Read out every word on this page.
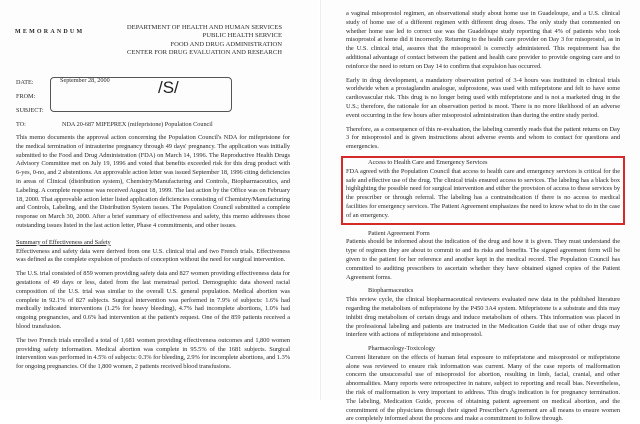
MEMORANDUM
DEPARTMENT OF HEALTH AND HUMAN SERVICES
PUBLIC HEALTH SERVICE
FOOD AND DRUG ADMINISTRATION
CENTER FOR DRUG EVALUATION AND RESEARCH
DATE:	September 28, 2000	/S/
FROM:
SUBJECT:
TO:	NDA 20-687 MIFEPREX (mifepristone) Population Council
This memo documents the approval action concerning the Population Council's NDA for mifepristone for the medical termination of intrauterine pregnancy through 49 days' pregnancy. The application was initially submitted to the Food and Drug Administration (FDA) on March 14, 1996. The Reproductive Health Drugs Advisory Committee met on July 19, 1996 and voted that benefits exceeded risk for this drug product with 6-yes, 0-no, and 2 abstentions. An approvable action letter was issued September 18, 1996 citing deficiencies in areas of Clinical (distribution system), Chemistry/Manufacturing and Controls, Biopharmaceutics, and Labeling. A complete response was received August 18, 1999. The last action by the Office was on February 18, 2000. That approvable action letter listed application deficiencies consisting of Chemistry/Manufacturing and Controls, Labeling, and the Distribution System issues. The Population Council submitted a complete response on March 30, 2000. After a brief summary of effectiveness and safety, this memo addresses those outstanding issues listed in the last action letter, Phase 4 commitments, and other issues.
Summary of Effectiveness and Safety
Effectiveness and safety data were derived from one U.S. clinical trial and two French trials. Effectiveness was defined as the complete expulsion of products of conception without the need for surgical intervention.
The U.S. trial consisted of 859 women providing safety data and 827 women providing effectiveness data for gestations of 49 days or less, dated from the last menstrual period. Demographic data showed racial composition of the U.S. trial was similar to the overall U.S. general population. Medical abortion was complete in 92.1% of 827 subjects. Surgical intervention was performed in 7.9% of subjects: 1.6% had medically indicated interventions (1.2% for heavy bleeding), 4.7% had incomplete abortions, 1.0% had ongoing pregnancies, and 0.6% had intervention at the patient's request. One of the 859 patients received a blood transfusion.
The two French trials enrolled a total of 1,681 women providing effectiveness outcomes and 1,800 women providing safety information. Medical abortion was complete in 95.5% of the 1681 subjects. Surgical intervention was performed in 4.5% of subjects: 0.3% for bleeding, 2.9% for incomplete abortions, and 1.3% for ongoing pregnancies. Of the 1,800 women, 2 patients received blood transfusions.
a vaginal misoprostol regimen, an observational study about home use in Guadeloupe, and a U.S. clinical study of home use of a different regimen with different drug doses. The only study that commented on whether home use led to correct use was the Guadeloupe study reporting that 4% of patients who took misoprostol at home did it incorrectly. Returning to the health care provider on Day 3 for misoprostol, as in the U.S. clinical trial, assures that the misoprostol is correctly administered. This requirement has the additional advantage of contact between the patient and health care provider to provide ongoing care and to reinforce the need to return on Day 14 to confirm that expulsion has occurred.
Early in drug development, a mandatory observation period of 3-4 hours was instituted in clinical trials worldwide when a prostaglandin analogue, sulprostone, was used with mifepristone and felt to have some cardiovascular risk. This drug is no longer being used with mifepristone and is not a marketed drug in the U.S.; therefore, the rationale for an observation period is moot. There is no more likelihood of an adverse event occurring in the few hours after misoprostol administration than during the entire study period.
Therefore, as a consequence of this re-evaluation, the labeling currently reads that the patient returns on Day 3 for misoprostol and is given instructions about adverse events and whom to contact for questions and emergencies.
Access to Health Care and Emergency Services
FDA agreed with the Population Council that access to health care and emergency services is critical for the safe and effective use of the drug. The clinical trials ensured access to services. The labeling has a black box highlighting the possible need for surgical intervention and either the provision of access to these services by the prescriber or through referral. The labeling has a contraindication if there is no access to medical facilities for emergency services. The Patient Agreement emphasizes the need to know what to do in the case of an emergency.
Patient Agreement Form
Patients should be informed about the indication of the drug and how it is given. They must understand the type of regimen they are about to commit to and its risks and benefits. The signed agreement form will be given to the patient for her reference and another kept in the medical record. The Population Council has committed to auditing prescribers to ascertain whether they have obtained signed copies of the Patient Agreement forms.
Biopharmaceutics
This review cycle, the clinical biopharmaceutical reviewers evaluated new data in the published literature regarding the metabolism of mifepristone by the P450 3A4 system. Mifepristone is a substrate and this may inhibit drug metabolism of certain drugs and induce metabolism of others. This information was placed in the professional labeling and patients are instructed in the Medication Guide that use of other drugs may interfere with actions of mifepristone and misoprostol.
Pharmacology-Toxicology
Current literature on the effects of human fetal exposure to mifepristone and misoprostol or mifepristone alone was reviewed to ensure risk information was current. Many of the case reports of malformation concern the unsuccessful use of misoprostol for abortion, resulting in limb, facial, cranial, and other abnormalities. Many reports were retrospective in nature, subject to reporting and recall bias. Nevertheless, the risk of malformation is very important to address. This drug's indication is for pregnancy termination. The labeling, Medication Guide, process of obtaining patient agreement on medical abortion, and the commitment of the physicians through their signed Prescriber's Agreement are all means to ensure women are completely informed about the process and make a commitment to follow through.
